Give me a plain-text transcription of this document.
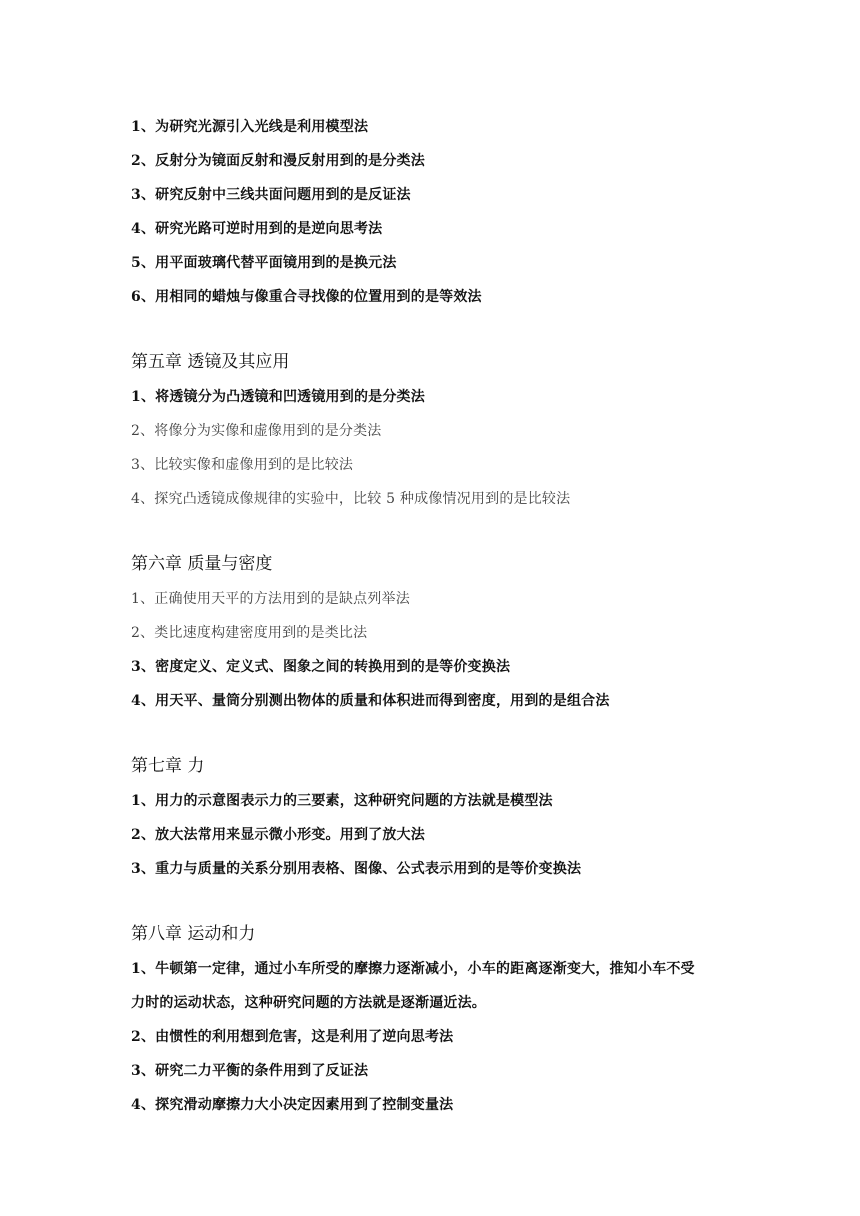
1、为研究光源引入光线是利用模型法
2、反射分为镜面反射和漫反射用到的是分类法
3、研究反射中三线共面问题用到的是反证法
4、研究光路可逆时用到的是逆向思考法
5、用平面玻璃代替平面镜用到的是换元法
6、用相同的蜡烛与像重合寻找像的位置用到的是等效法
第五章 透镜及其应用
1、将透镜分为凸透镜和凹透镜用到的是分类法
2、将像分为实像和虚像用到的是分类法
3、比较实像和虚像用到的是比较法
4、探究凸透镜成像规律的实验中，比较 5 种成像情况用到的是比较法
第六章 质量与密度
1、正确使用天平的方法用到的是缺点列举法
2、类比速度构建密度用到的是类比法
3、密度定义、定义式、图象之间的转换用到的是等价变换法
4、用天平、量筒分别测出物体的质量和体积进而得到密度，用到的是组合法
第七章 力
1、用力的示意图表示力的三要素，这种研究问题的方法就是模型法
2、放大法常用来显示微小形变。用到了放大法
3、重力与质量的关系分别用表格、图像、公式表示用到的是等价变换法
第八章 运动和力
1、牛顿第一定律，通过小车所受的摩擦力逐渐减小，小车的距离逐渐变大，推知小车不受
力时的运动状态，这种研究问题的方法就是逐渐逼近法。
2、由惯性的利用想到危害，这是利用了逆向思考法
3、研究二力平衡的条件用到了反证法
4、探究滑动摩擦力大小决定因素用到了控制变量法
